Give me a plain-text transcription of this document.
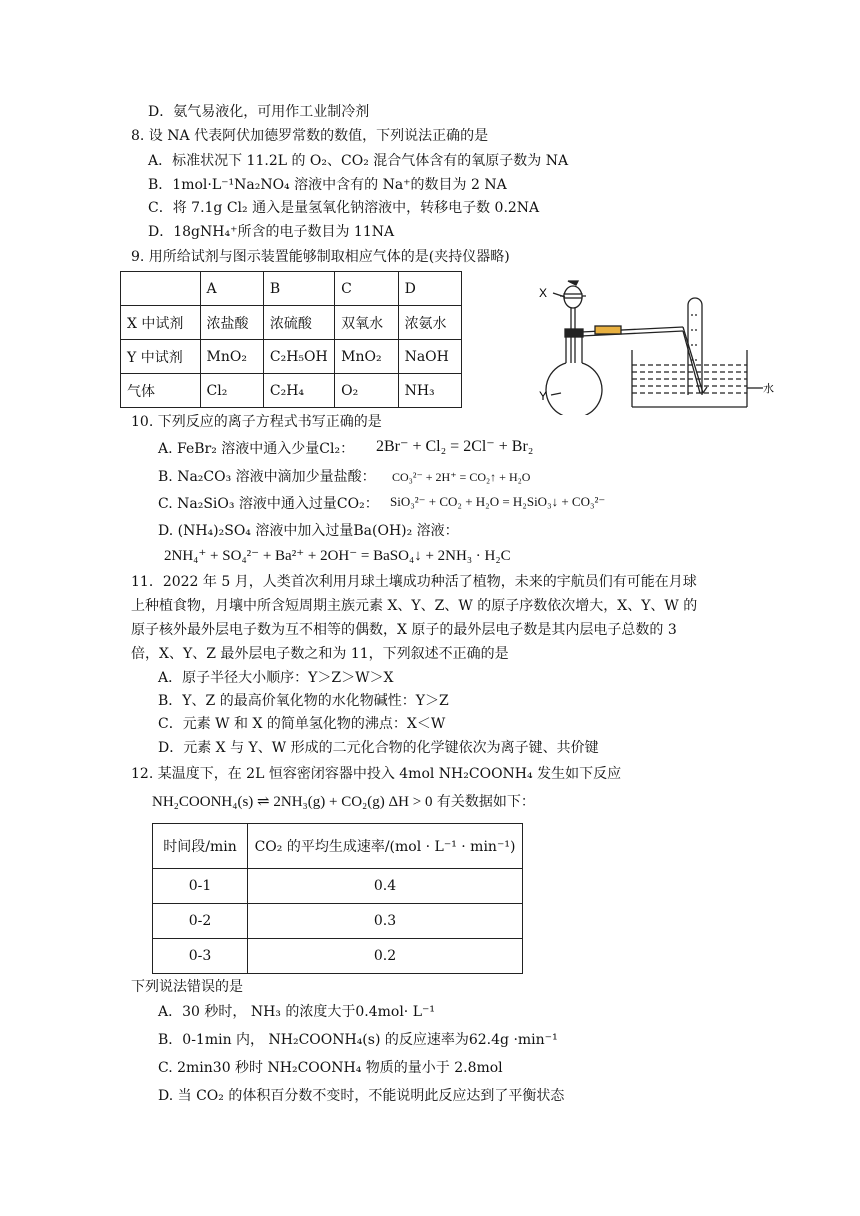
D．氨气易液化，可用作工业制冷剂
8. 设 NA 代表阿伏加德罗常数的数值，下列说法正确的是
A．标准状况下 11.2L 的 O₂、CO₂ 混合气体含有的氧原子数为 NA
B．1mol·L⁻¹Na₂NO₄ 溶液中含有的 Na⁺的数目为 2 NA
C．将 7.1g Cl₂ 通入是量氢氧化钠溶液中，转移电子数 0.2NA
D．18gNH₄⁺所含的电子数目为 11NA
9. 用所给试剂与图示装置能够制取相应气体的是(夹持仪器略)
	A	B	C	D
X 中试剂	浓盐酸	浓硫酸	双氧水	浓氨水
Y 中试剂	MnO₂	C₂H₅OH	MnO₂	NaOH
气体	Cl₂	C₂H₄	O₂	NH₃
X
Y
水
10. 下列反应的离子方程式书写正确的是
A. FeBr₂ 溶液中通入少量Cl₂： 2Br⁻ + Cl₂ = 2Cl⁻ + Br₂
B. Na₂CO₃ 溶液中滴加少量盐酸： CO₃²⁻ + 2H⁺ = CO₂↑ + H₂O
C. Na₂SiO₃ 溶液中通入过量CO₂： SiO₃²⁻ + CO₂ + H₂O = H₂SiO₃↓ + CO₃²⁻
D. (NH₄)₂SO₄ 溶液中加入过量Ba(OH)₂ 溶液：
2NH₄⁺ + SO₄²⁻ + Ba²⁺ + 2OH⁻ = BaSO₄↓ + 2NH₃ · H₂C
11．2022 年 5 月，人类首次利用月球土壤成功种活了植物，未来的宇航员们有可能在月球
上种植食物，月壤中所含短周期主族元素 X、Y、Z、W 的原子序数依次增大，X、Y、W 的
原子核外最外层电子数为互不相等的偶数，X 原子的最外层电子数是其内层电子总数的 3
倍，X、Y、Z 最外层电子数之和为 11，下列叙述不正确的是
A．原子半径大小顺序：Y＞Z＞W＞X
B．Y、Z 的最高价氧化物的水化物碱性：Y＞Z
C．元素 W 和 X 的简单氢化物的沸点：X＜W
D．元素 X 与 Y、W 形成的二元化合物的化学键依次为离子键、共价键
12. 某温度下，在 2L 恒容密闭容器中投入 4mol NH₂COONH₄ 发生如下反应
NH₂COONH₄(s) ⇌ 2NH₃(g) + CO₂(g) ΔH > 0 有关数据如下：
时间段/min	CO₂ 的平均生成速率/(mol · L⁻¹ · min⁻¹)
0-1	0.4
0-2	0.3
0-3	0.2
下列说法错误的是
A．30 秒时， NH₃ 的浓度大于0.4mol· L⁻¹
B．0-1min 内， NH₂COONH₄(s) 的反应速率为62.4g ·min⁻¹
C. 2min30 秒时 NH₂COONH₄ 物质的量小于 2.8mol
D. 当 CO₂ 的体积百分数不变时，不能说明此反应达到了平衡状态
